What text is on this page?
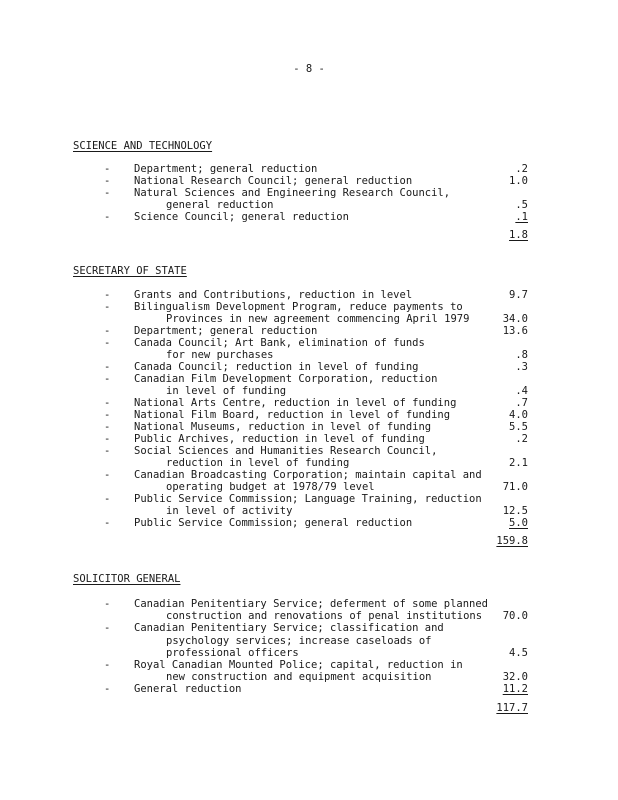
- 8 -
SCIENCE AND TECHNOLOGY
- Department; general reduction	.2
- National Research Council; general reduction	1.0
- Natural Sciences and Engineering Research Council,
general reduction	.5
- Science Council; general reduction	.1
1.8
SECRETARY OF STATE
- Grants and Contributions, reduction in level	9.7
- Bilingualism Development Program, reduce payments to
Provinces in new agreement commencing April 1979	34.0
- Department; general reduction	13.6
- Canada Council; Art Bank, elimination of funds
for new purchases	.8
- Canada Council; reduction in level of funding	.3
- Canadian Film Development Corporation, reduction
in level of funding	.4
- National Arts Centre, reduction in level of funding	.7
- National Film Board, reduction in level of funding	4.0
- National Museums, reduction in level of funding	5.5
- Public Archives, reduction in level of funding	.2
- Social Sciences and Humanities Research Council,
reduction in level of funding	2.1
- Canadian Broadcasting Corporation; maintain capital and
operating budget at 1978/79 level	71.0
- Public Service Commission; Language Training, reduction
in level of activity	12.5
- Public Service Commission; general reduction	5.0
159.8
SOLICITOR GENERAL
- Canadian Penitentiary Service; deferment of some planned
construction and renovations of penal institutions 70.0
- Canadian Penitentiary Service; classification and
psychology services; increase caseloads of
professional officers	4.5
- Royal Canadian Mounted Police; capital, reduction in
new construction and equipment acquisition	32.0
- General reduction	11.2
117.7
